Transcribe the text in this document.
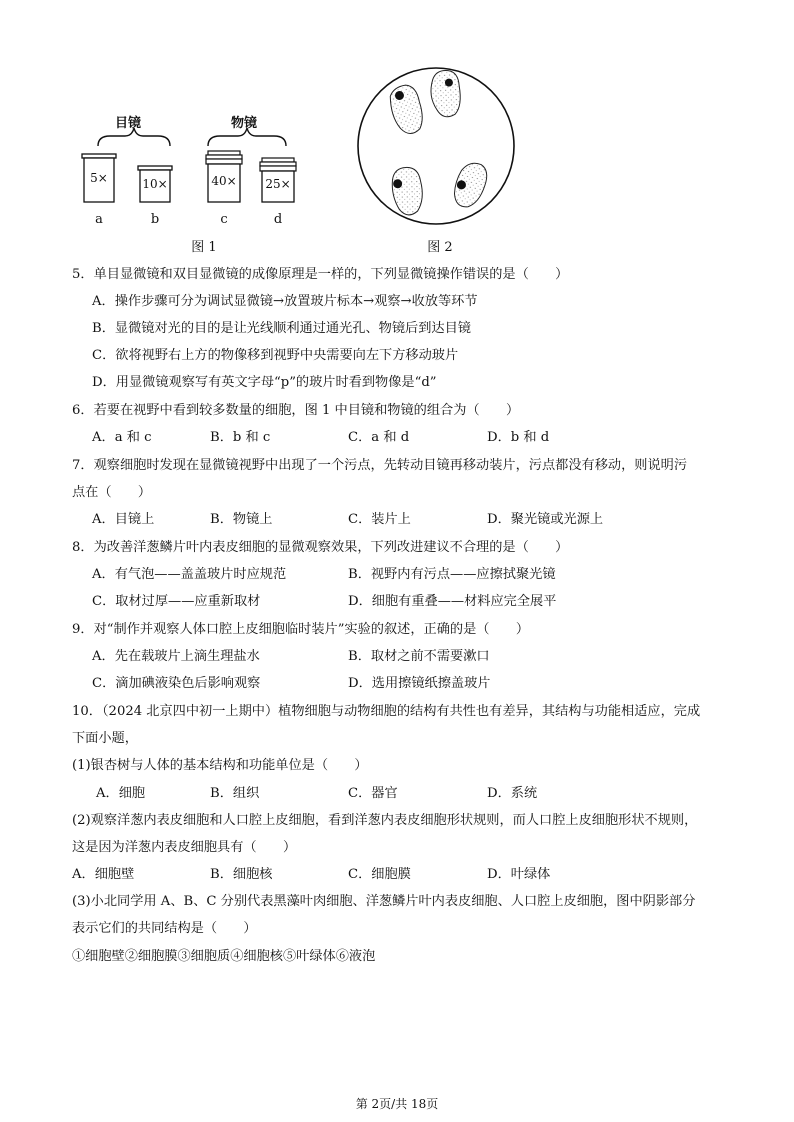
目镜	物镜
5×	10×	40× 25×
a	b	c	d
图 1	图 2
5．单目显微镜和双目显微镜的成像原理是一样的，下列显微镜操作错误的是（　　）
A．操作步骤可分为调试显微镜→放置玻片标本→观察→收放等环节
B．显微镜对光的目的是让光线顺利通过通光孔、物镜后到达目镜
C．欲将视野右上方的物像移到视野中央需要向左下方移动玻片
D．用显微镜观察写有英文字母“p”的玻片时看到物像是“d”
6．若要在视野中看到较多数量的细胞，图 1 中目镜和物镜的组合为（　　）
A．a 和 c	B．b 和 c	C．a 和 d	D．b 和 d
7．观察细胞时发现在显微镜视野中出现了一个污点，先转动目镜再移动装片，污点都没有移动，则说明污
点在（　　）
A．目镜上	B．物镜上	C．装片上	D．聚光镜或光源上
8．为改善洋葱鳞片叶内表皮细胞的显微观察效果，下列改进建议不合理的是（　　）
A．有气泡——盖盖玻片时应规范	B．视野内有污点——应擦拭聚光镜
C．取材过厚——应重新取材	D．细胞有重叠——材料应完全展平
9．对“制作并观察人体口腔上皮细胞临时装片”实验的叙述，正确的是（　　）
A．先在载玻片上滴生理盐水	B．取材之前不需要漱口
C．滴加碘液染色后影响观察	D．选用擦镜纸擦盖玻片
10．（2024 北京四中初一上期中）植物细胞与动物细胞的结构有共性也有差异，其结构与功能相适应，完成
下面小题，
(1)银杏树与人体的基本结构和功能单位是（　　）
A．细胞	B．组织	C．器官	D．系统
(2)观察洋葱内表皮细胞和人口腔上皮细胞，看到洋葱内表皮细胞形状规则，而人口腔上皮细胞形状不规则，
这是因为洋葱内表皮细胞具有（　　）
A．细胞壁	B．细胞核	C．细胞膜	D．叶绿体
(3)小北同学用 A、B、C 分别代表黑藻叶肉细胞、洋葱鳞片叶内表皮细胞、人口腔上皮细胞，图中阴影部分
表示它们的共同结构是（　　）
①细胞壁②细胞膜③细胞质④细胞核⑤叶绿体⑥液泡
第 2页/共 18页
